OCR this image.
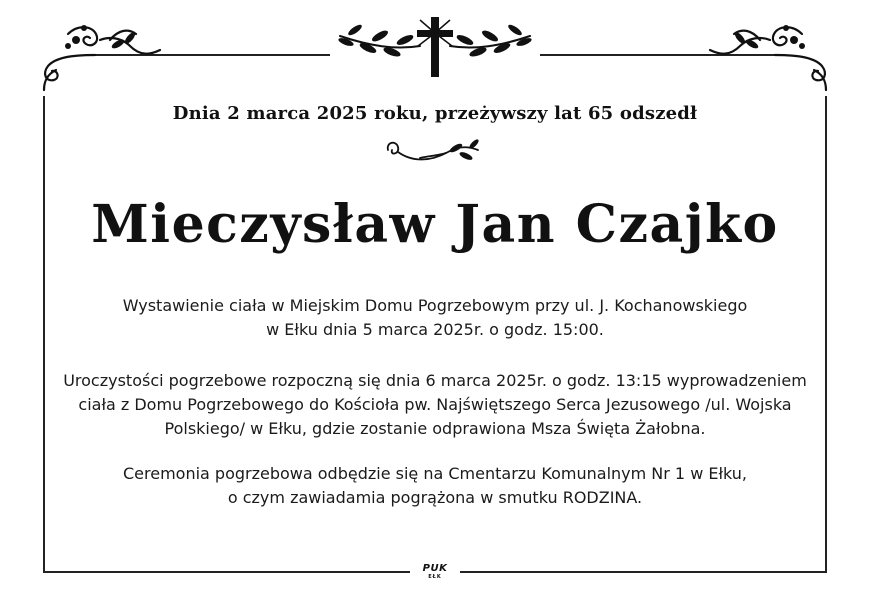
Dnia 2 marca 2025 roku, przeżywszy lat 65 odszedł
Mieczysław Jan Czajko
Wystawienie ciała w Miejskim Domu Pogrzebowym przy ul. J. Kochanowskiego
w Ełku dnia 5 marca 2025r. o godz. 15:00.
Uroczystości pogrzebowe rozpoczną się dnia 6 marca 2025r. o godz. 13:15 wyprowadzeniem
ciała z Domu Pogrzebowego do Kościoła pw. Najświętszego Serca Jezusowego /ul. Wojska
Polskiego/ w Ełku, gdzie zostanie odprawiona Msza Święta Żałobna.
Ceremonia pogrzebowa odbędzie się na Cmentarzu Komunalnym Nr 1 w Ełku,
o czym zawiadamia pogrążona w smutku RODZINA.
PUK
EŁK
